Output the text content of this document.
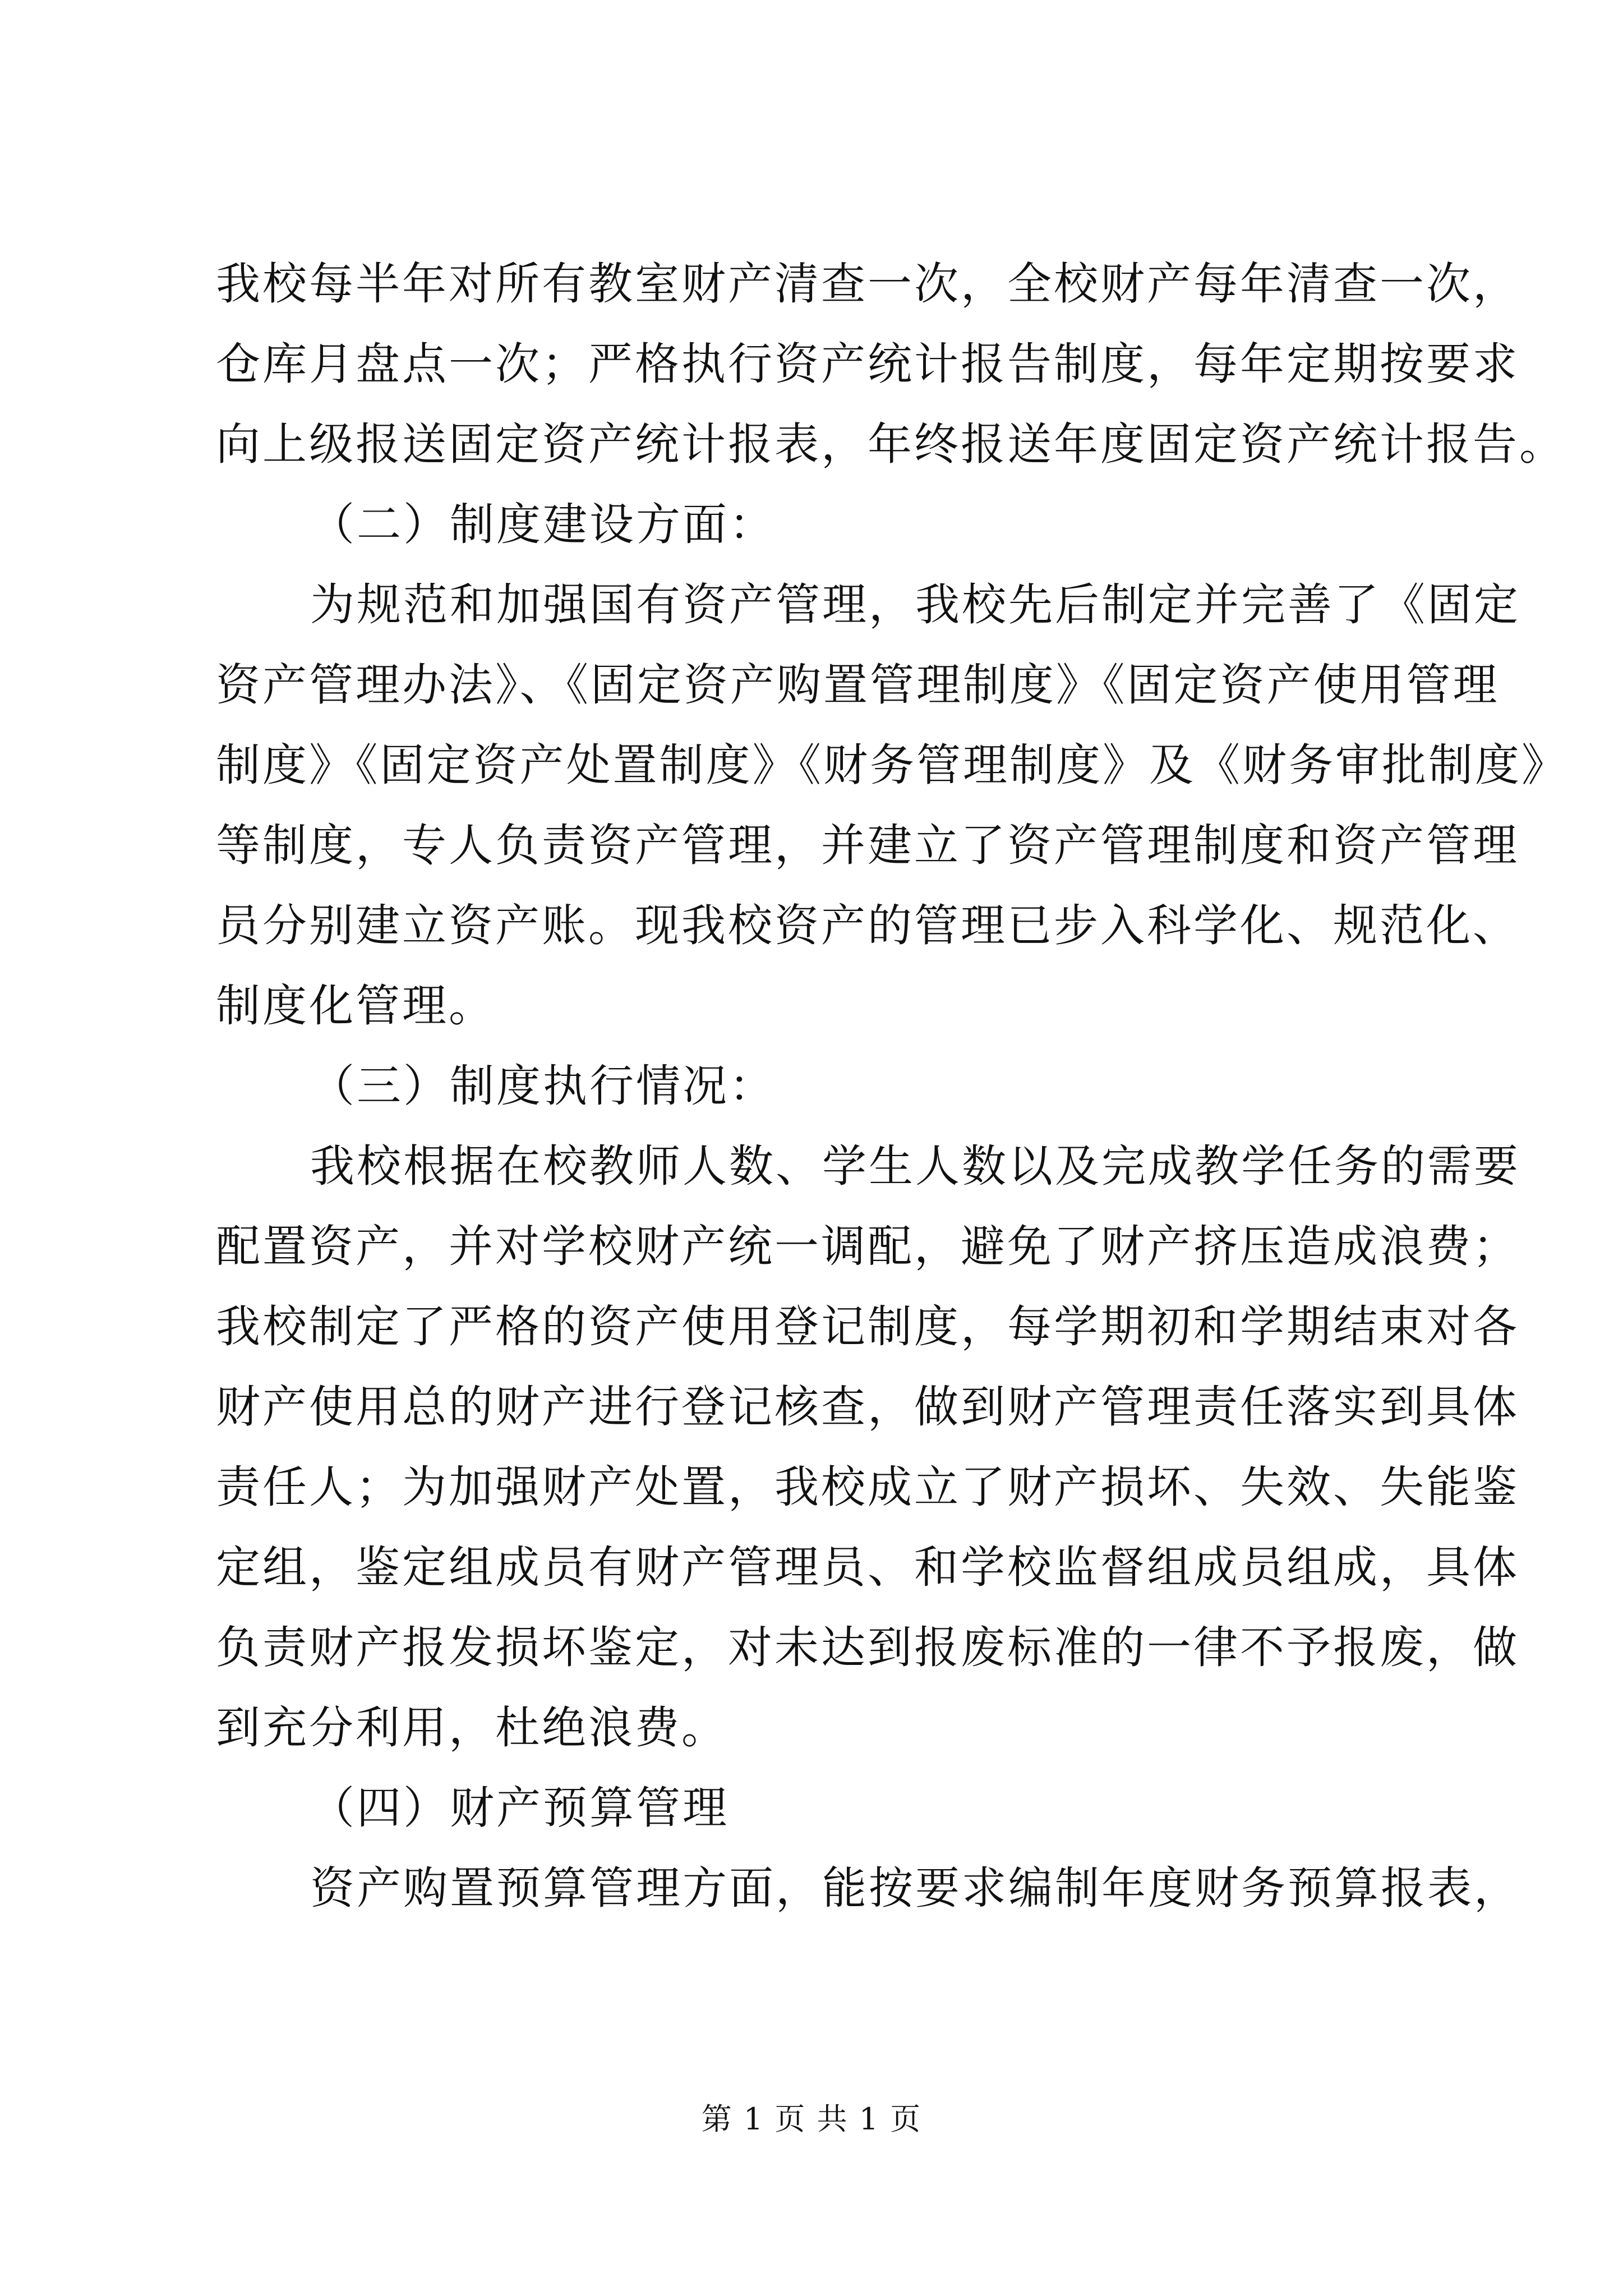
我校每半年对所有教室财产清查一次，全校财产每年清查一次，
仓库月盘点一次；严格执行资产统计报告制度，每年定期按要求
向上级报送固定资产统计报表，年终报送年度固定资产统计报告。
（二）制度建设方面：
为规范和加强国有资产管理，我校先后制定并完善了《固定
资产管理办法》、《固定资产购置管理制度》《固定资产使用管理
制度》《固定资产处置制度》《财务管理制度》及《财务审批制度》
等制度，专人负责资产管理，并建立了资产管理制度和资产管理
员分别建立资产账。现我校资产的管理已步入科学化、规范化、
制度化管理。
（三）制度执行情况：
我校根据在校教师人数、学生人数以及完成教学任务的需要
配置资产，并对学校财产统一调配，避免了财产挤压造成浪费；
我校制定了严格的资产使用登记制度，每学期初和学期结束对各
财产使用总的财产进行登记核查，做到财产管理责任落实到具体
责任人；为加强财产处置，我校成立了财产损坏、失效、失能鉴
定组，鉴定组成员有财产管理员、和学校监督组成员组成，具体
负责财产报发损坏鉴定，对未达到报废标准的一律不予报废，做
到充分利用，杜绝浪费。
（四）财产预算管理
资产购置预算管理方面，能按要求编制年度财务预算报表，
第 1 页 共 1 页
